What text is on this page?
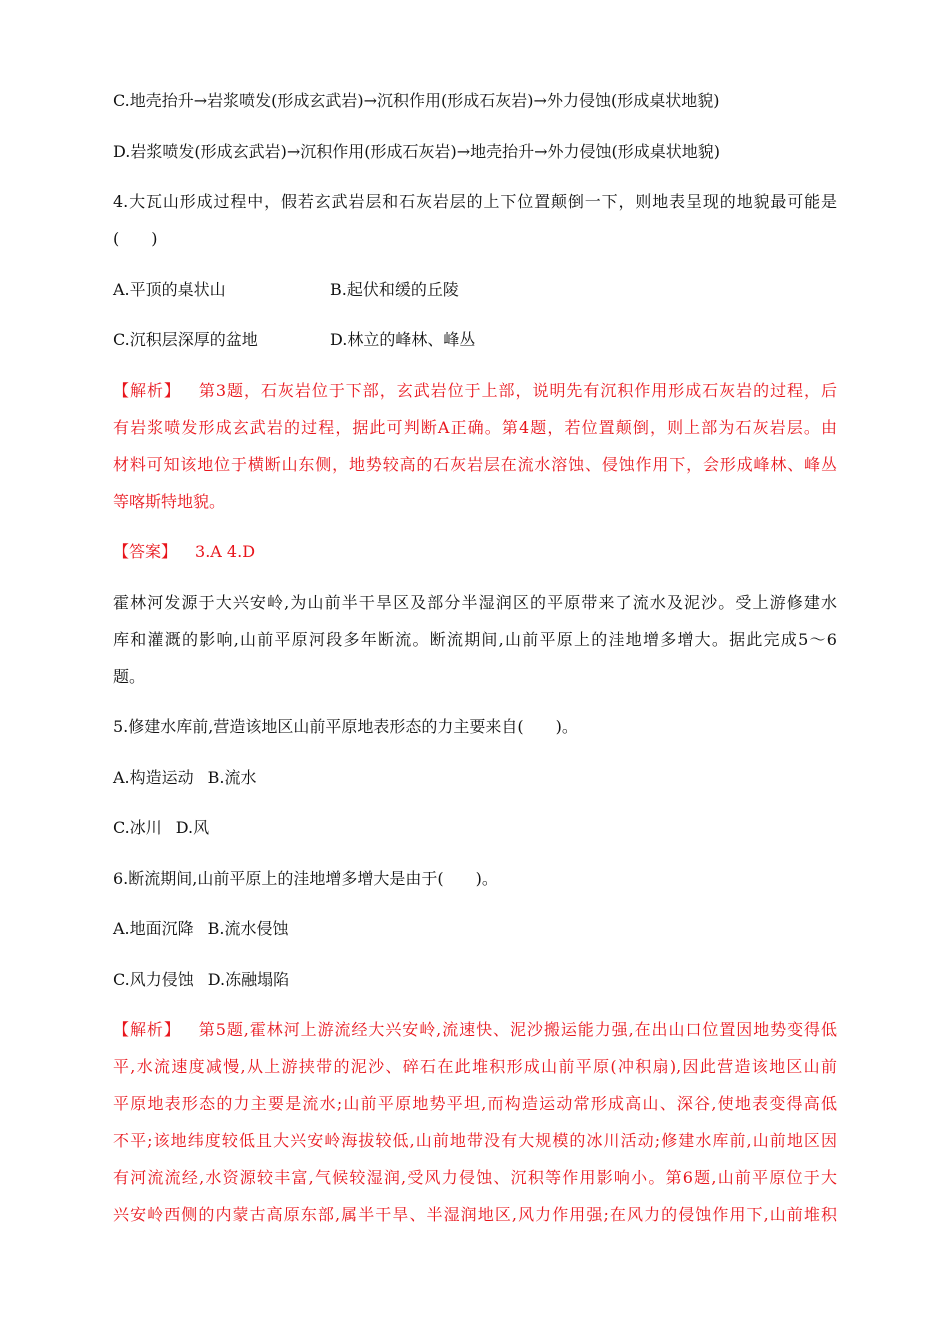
C.地壳抬升→岩浆喷发(形成玄武岩)→沉积作用(形成石灰岩)→外力侵蚀(形成桌状地貌)
D.岩浆喷发(形成玄武岩)→沉积作用(形成石灰岩)→地壳抬升→外力侵蚀(形成桌状地貌)
4.大瓦山形成过程中，假若玄武岩层和石灰岩层的上下位置颠倒一下，则地表呈现的地貌最可能是
(　　)
A.平顶的桌状山	B.起伏和缓的丘陵
C.沉积层深厚的盆地	D.林立的峰林、峰丛
【解析】 第3题，石灰岩位于下部，玄武岩位于上部，说明先有沉积作用形成石灰岩的过程，后
有岩浆喷发形成玄武岩的过程，据此可判断A正确。第4题，若位置颠倒，则上部为石灰岩层。由
材料可知该地位于横断山东侧，地势较高的石灰岩层在流水溶蚀、侵蚀作用下，会形成峰林、峰丛
等喀斯特地貌。
【答案】 3.A 4.D
霍林河发源于大兴安岭,为山前半干旱区及部分半湿润区的平原带来了流水及泥沙。受上游修建水
库和灌溉的影响,山前平原河段多年断流。断流期间,山前平原上的洼地增多增大。据此完成5～6
题。
5.修建水库前,营造该地区山前平原地表形态的力主要来自(　　)。
A.构造运动 B.流水
C.冰川 D.风
6.断流期间,山前平原上的洼地增多增大是由于(　　)。
A.地面沉降 B.流水侵蚀
C.风力侵蚀 D.冻融塌陷
【解析】 第5题,霍林河上游流经大兴安岭,流速快、泥沙搬运能力强,在出山口位置因地势变得低
平,水流速度减慢,从上游挟带的泥沙、碎石在此堆积形成山前平原(冲积扇),因此营造该地区山前
平原地表形态的力主要是流水;山前平原地势平坦,而构造运动常形成高山、深谷,使地表变得高低
不平;该地纬度较低且大兴安岭海拔较低,山前地带没有大规模的冰川活动;修建水库前,山前地区因
有河流流经,水资源较丰富,气候较湿润,受风力侵蚀、沉积等作用影响小。第6题,山前平原位于大
兴安岭西侧的内蒙古高原东部,属半干旱、半湿润地区,风力作用强;在风力的侵蚀作用下,山前堆积
